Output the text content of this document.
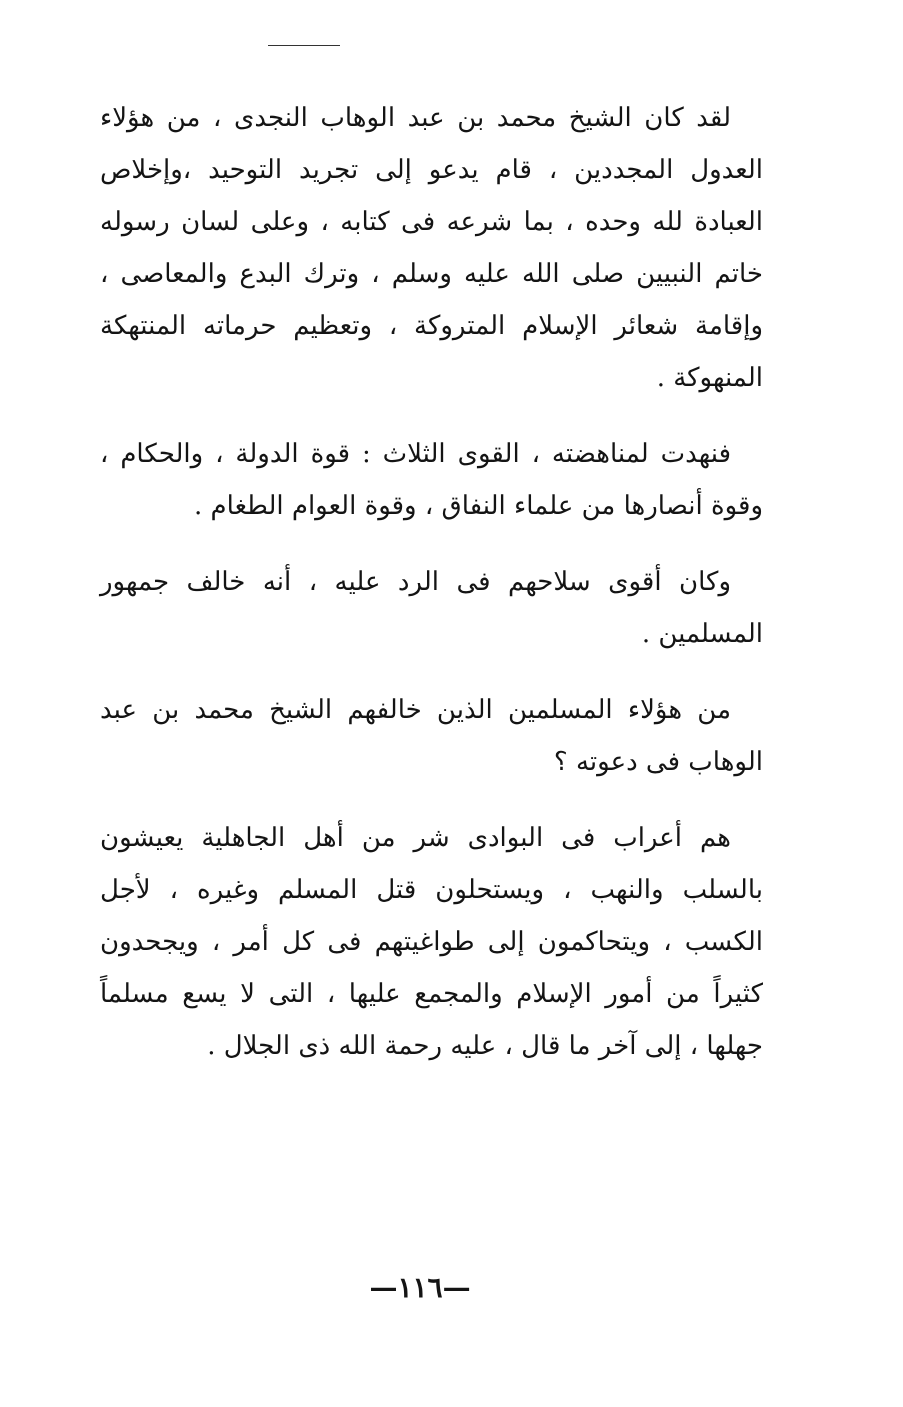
لقد كان الشيخ محمد بن عبد الوهاب النجدى ، من هؤلاء العدول المجددين ، قام يدعو إلى تجريد التوحيد ،وإخلاص العبادة لله وحده ، بما شرعه فى كتابه ، وعلى لسان رسوله خاتم النبيين صلى الله عليه وسلم ، وترك البدع والمعاصى ، وإقامة شعائر الإسلام المتروكة ، وتعظيم حرماته المنتهكة المنهوكة .

فنهدت لمناهضته ، القوى الثلاث : قوة الدولة ، والحكام ، وقوة أنصارها من علماء النفاق ، وقوة العوام الطغام .

وكان أقوى سلاحهم فى الرد عليه ، أنه خالف جمهور المسلمين .

من هؤلاء المسلمين الذين خالفهم الشيخ محمد بن عبد الوهاب فى دعوته ؟

هم أعراب فى البوادى شر من أهل الجاهلية يعيشون بالسلب والنهب ، ويستحلون قتل المسلم وغيره ، لأجل الكسب ، ويتحاكمون إلى طواغيتهم فى كل أمر ، ويجحدون كثيراً من أمور الإسلام والمجمع عليها ، التى لا يسع مسلماً جهلها ، إلى آخر ما قال ، عليه رحمة الله ذى الجلال .

—١١٦—
